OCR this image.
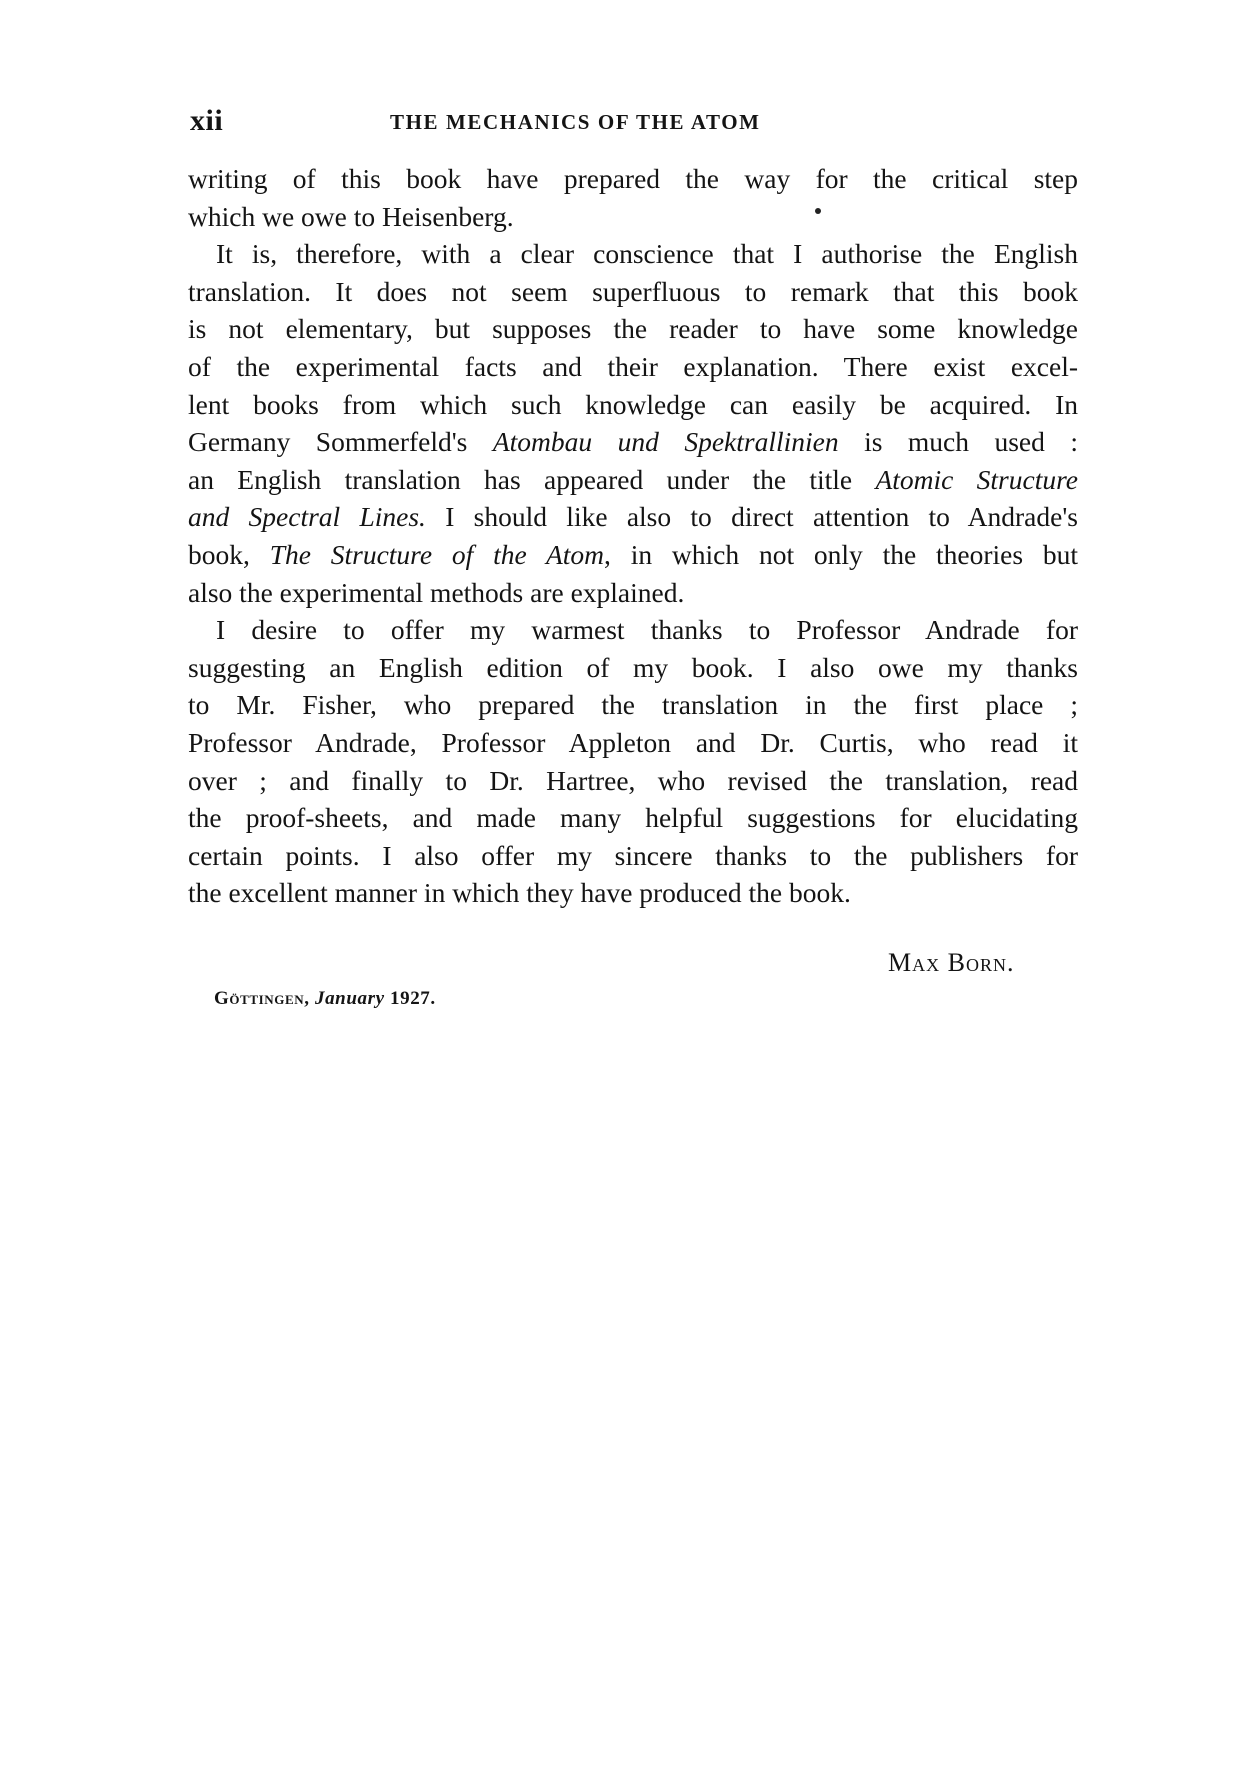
xii	THE MECHANICS OF THE ATOM

writing of this book have prepared the way for the critical step
which we owe to Heisenberg.

It is, therefore, with a clear conscience that I authorise the English
translation. It does not seem superfluous to remark that this book
is not elementary, but supposes the reader to have some knowledge
of the experimental facts and their explanation. There exist excel-
lent books from which such knowledge can easily be acquired. In
Germany Sommerfeld's Atombau und Spektrallinien is much used :
an English translation has appeared under the title Atomic Structure
and Spectral Lines. I should like also to direct attention to Andrade's
book, The Structure of the Atom, in which not only the theories but
also the experimental methods are explained.

I desire to offer my warmest thanks to Professor Andrade for
suggesting an English edition of my book. I also owe my thanks
to Mr. Fisher, who prepared the translation in the first place ;
Professor Andrade, Professor Appleton and Dr. Curtis, who read it
over ; and finally to Dr. Hartree, who revised the translation, read
the proof-sheets, and made many helpful suggestions for elucidating
certain points. I also offer my sincere thanks to the publishers for
the excellent manner in which they have produced the book.

Max Born.
Göttingen, January 1927.
